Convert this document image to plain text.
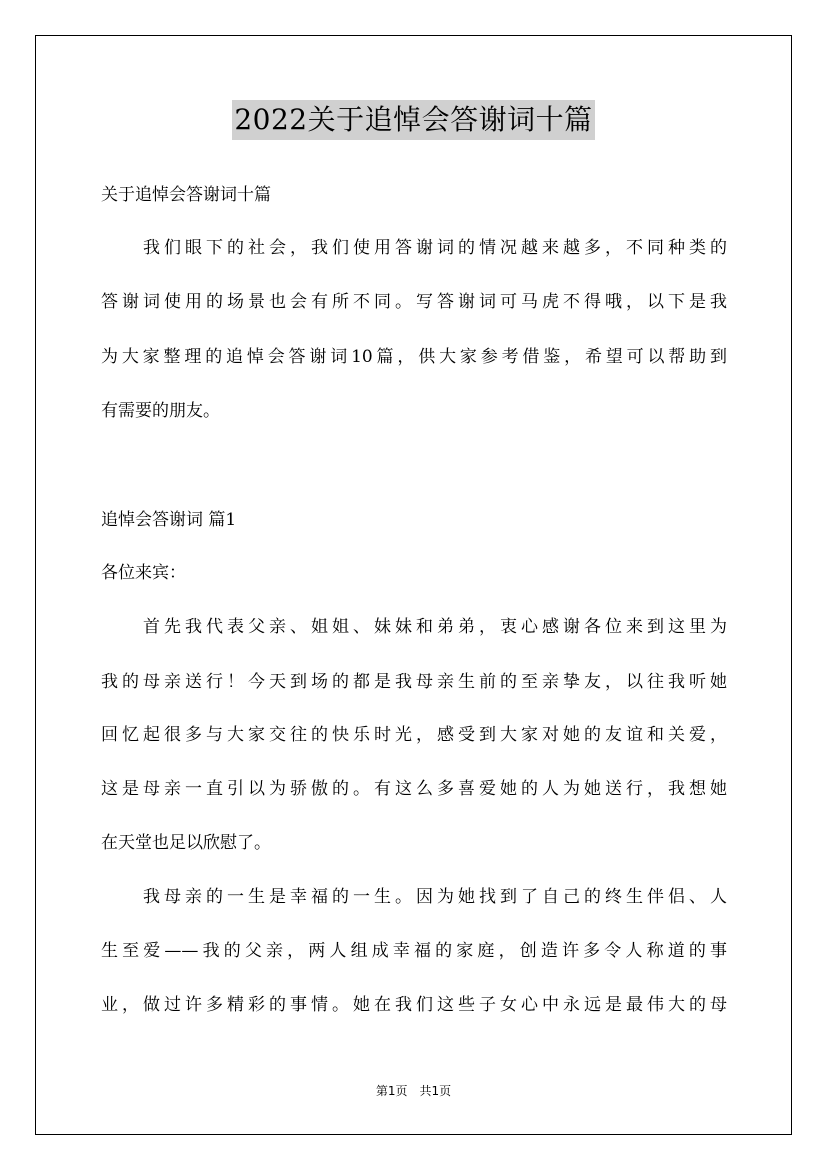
2022关于追悼会答谢词十篇
关于追悼会答谢词十篇
我们眼下的社会，我们使用答谢词的情况越来越多，不同种类的
答谢词使用的场景也会有所不同。写答谢词可马虎不得哦，以下是我
为大家整理的追悼会答谢词10篇，供大家参考借鉴，希望可以帮助到
有需要的朋友。
追悼会答谢词 篇1
各位来宾：
首先我代表父亲、姐姐、妹妹和弟弟，衷心感谢各位来到这里为
我的母亲送行！今天到场的都是我母亲生前的至亲挚友，以往我听她
回忆起很多与大家交往的快乐时光，感受到大家对她的友谊和关爱，
这是母亲一直引以为骄傲的。有这么多喜爱她的人为她送行，我想她
在天堂也足以欣慰了。
我母亲的一生是幸福的一生。因为她找到了自己的终生伴侣、人
生至爱——我的父亲，两人组成幸福的家庭，创造许多令人称道的事
业，做过许多精彩的事情。她在我们这些子女心中永远是最伟大的母
第1页　共1页
